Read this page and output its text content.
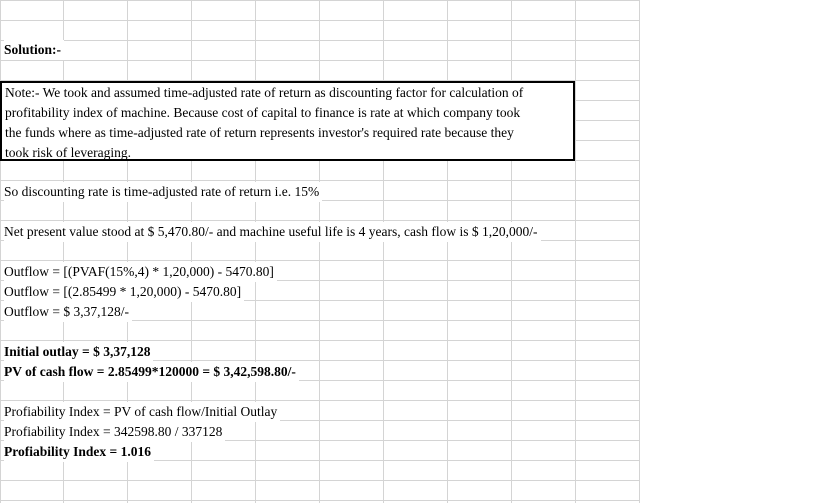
Solution:-
Note:- We took and assumed time-adjusted rate of return as discounting factor for calculation of
profitability index of machine. Because cost of capital to finance is rate at which company took
the funds where as time-adjusted rate of return represents investor's required rate because they
took risk of leveraging.
So discounting rate is time-adjusted rate of return i.e. 15%
Net present value stood at $ 5,470.80/- and machine useful life is 4 years, cash flow is $ 1,20,000/-
Outflow = [(PVAF(15%,4) * 1,20,000) - 5470.80]
Outflow = [(2.85499 * 1,20,000) - 5470.80]
Outflow = $ 3,37,128/-
Initial outlay = $ 3,37,128
PV of cash flow = 2.85499*120000 = $ 3,42,598.80/-
Profiability Index = PV of cash flow/Initial Outlay
Profiability Index = 342598.80 / 337128
Profiability Index = 1.016
